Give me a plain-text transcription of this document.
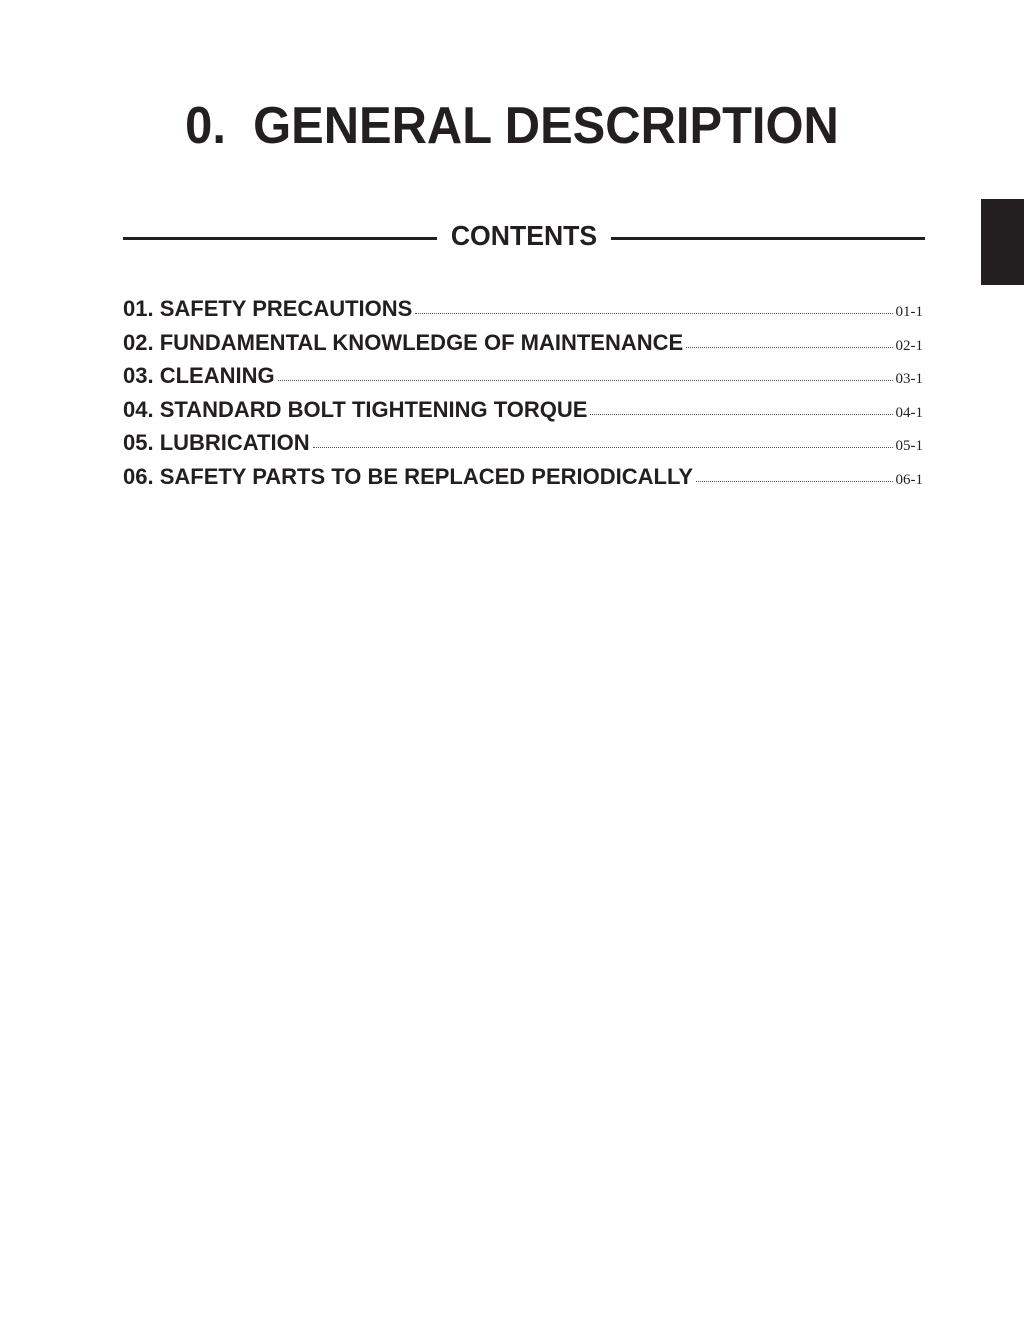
0.  GENERAL DESCRIPTION
CONTENTS
01. SAFETY PRECAUTIONS	01-1
02. FUNDAMENTAL KNOWLEDGE OF MAINTENANCE	02-1
03. CLEANING	03-1
04. STANDARD BOLT TIGHTENING TORQUE	04-1
05. LUBRICATION	05-1
06. SAFETY PARTS TO BE REPLACED PERIODICALLY	06-1
